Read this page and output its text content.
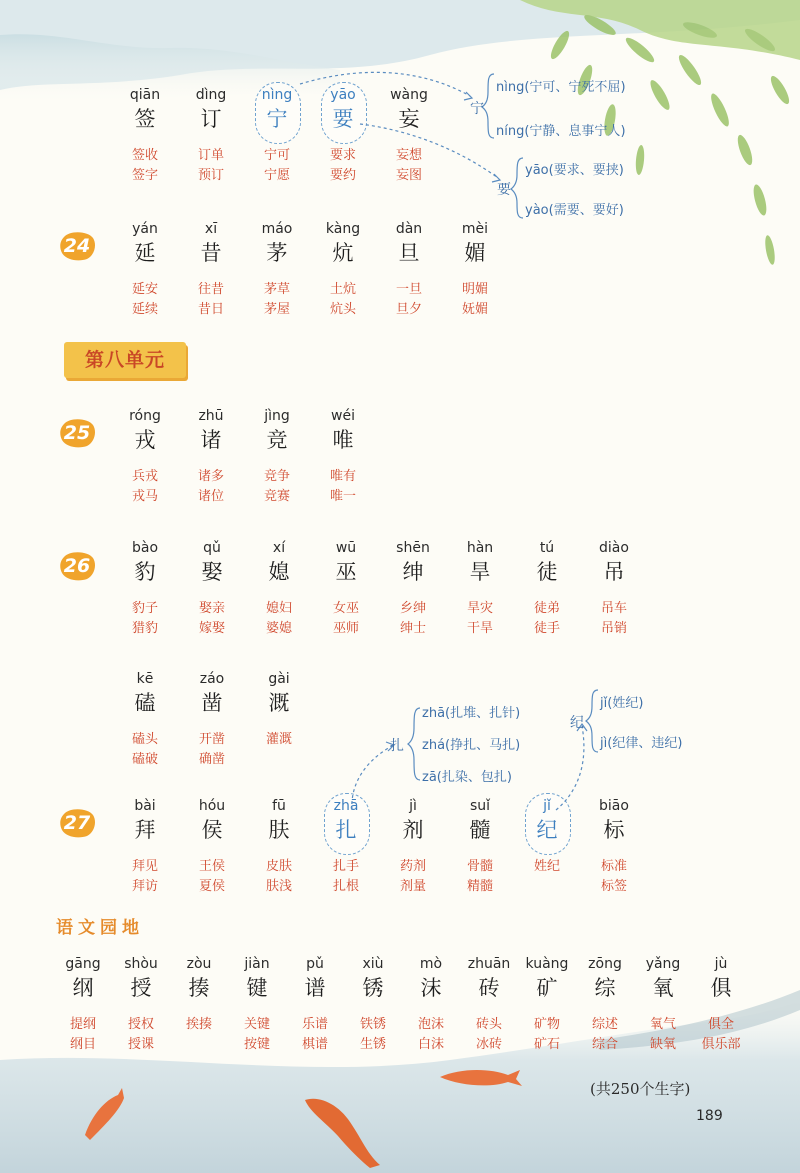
第八单元
语文园地
qiān
签
签收
签字
dìng
订
订单
预订
nìng
宁
宁可
宁愿
yāo
要
要求
要约
wàng
妄
妄想
妄图
yán
延
延安
延续
xī
昔
往昔
昔日
máo
茅
茅草
茅屋
kàng
炕
土炕
炕头
dàn
旦
一旦
旦夕
mèi
媚
明媚
妩媚
24
róng
戎
兵戎
戎马
zhū
诸
诸多
诸位
jìng
竞
竞争
竞赛
wéi
唯
唯有
唯一
25
bào
豹
豹子
猎豹
qǔ
娶
娶亲
嫁娶
xí
媳
媳妇
婆媳
wū
巫
女巫
巫师
shēn
绅
乡绅
绅士
hàn
旱
旱灾
干旱
tú
徒
徒弟
徒手
diào
吊
吊车
吊销
26
kē
磕
磕头
磕破
záo
凿
开凿
确凿
gài
溉
灌溉
bài
拜
拜见
拜访
hóu
侯
王侯
夏侯
fū
肤
皮肤
肤浅
zhā
扎
扎手
扎根
jì
剂
药剂
剂量
suǐ
髓
骨髓
精髓
jǐ
纪
姓纪
biāo
标
标准
标签
27
gāng
纲
提纲
纲目
shòu
授
授权
授课
zòu
揍
挨揍
jiàn
键
关键
按键
pǔ
谱
乐谱
棋谱
xiù
锈
铁锈
生锈
mò
沫
泡沫
白沫
zhuān
砖
砖头
冰砖
kuàng
矿
矿物
矿石
zōng
综
综述
综合
yǎng
氧
氧气
缺氧
jù
俱
俱全
俱乐部
宁
nìng(宁可、宁死不屈)
níng(宁静、息事宁人)
要
yāo(要求、要挟)
yào(需要、要好)
扎
zhā(扎堆、扎针)
zhá(挣扎、马扎)
zā(扎染、包扎)
纪
jǐ(姓纪)
jì(纪律、违纪)
(共250个生字)
189
